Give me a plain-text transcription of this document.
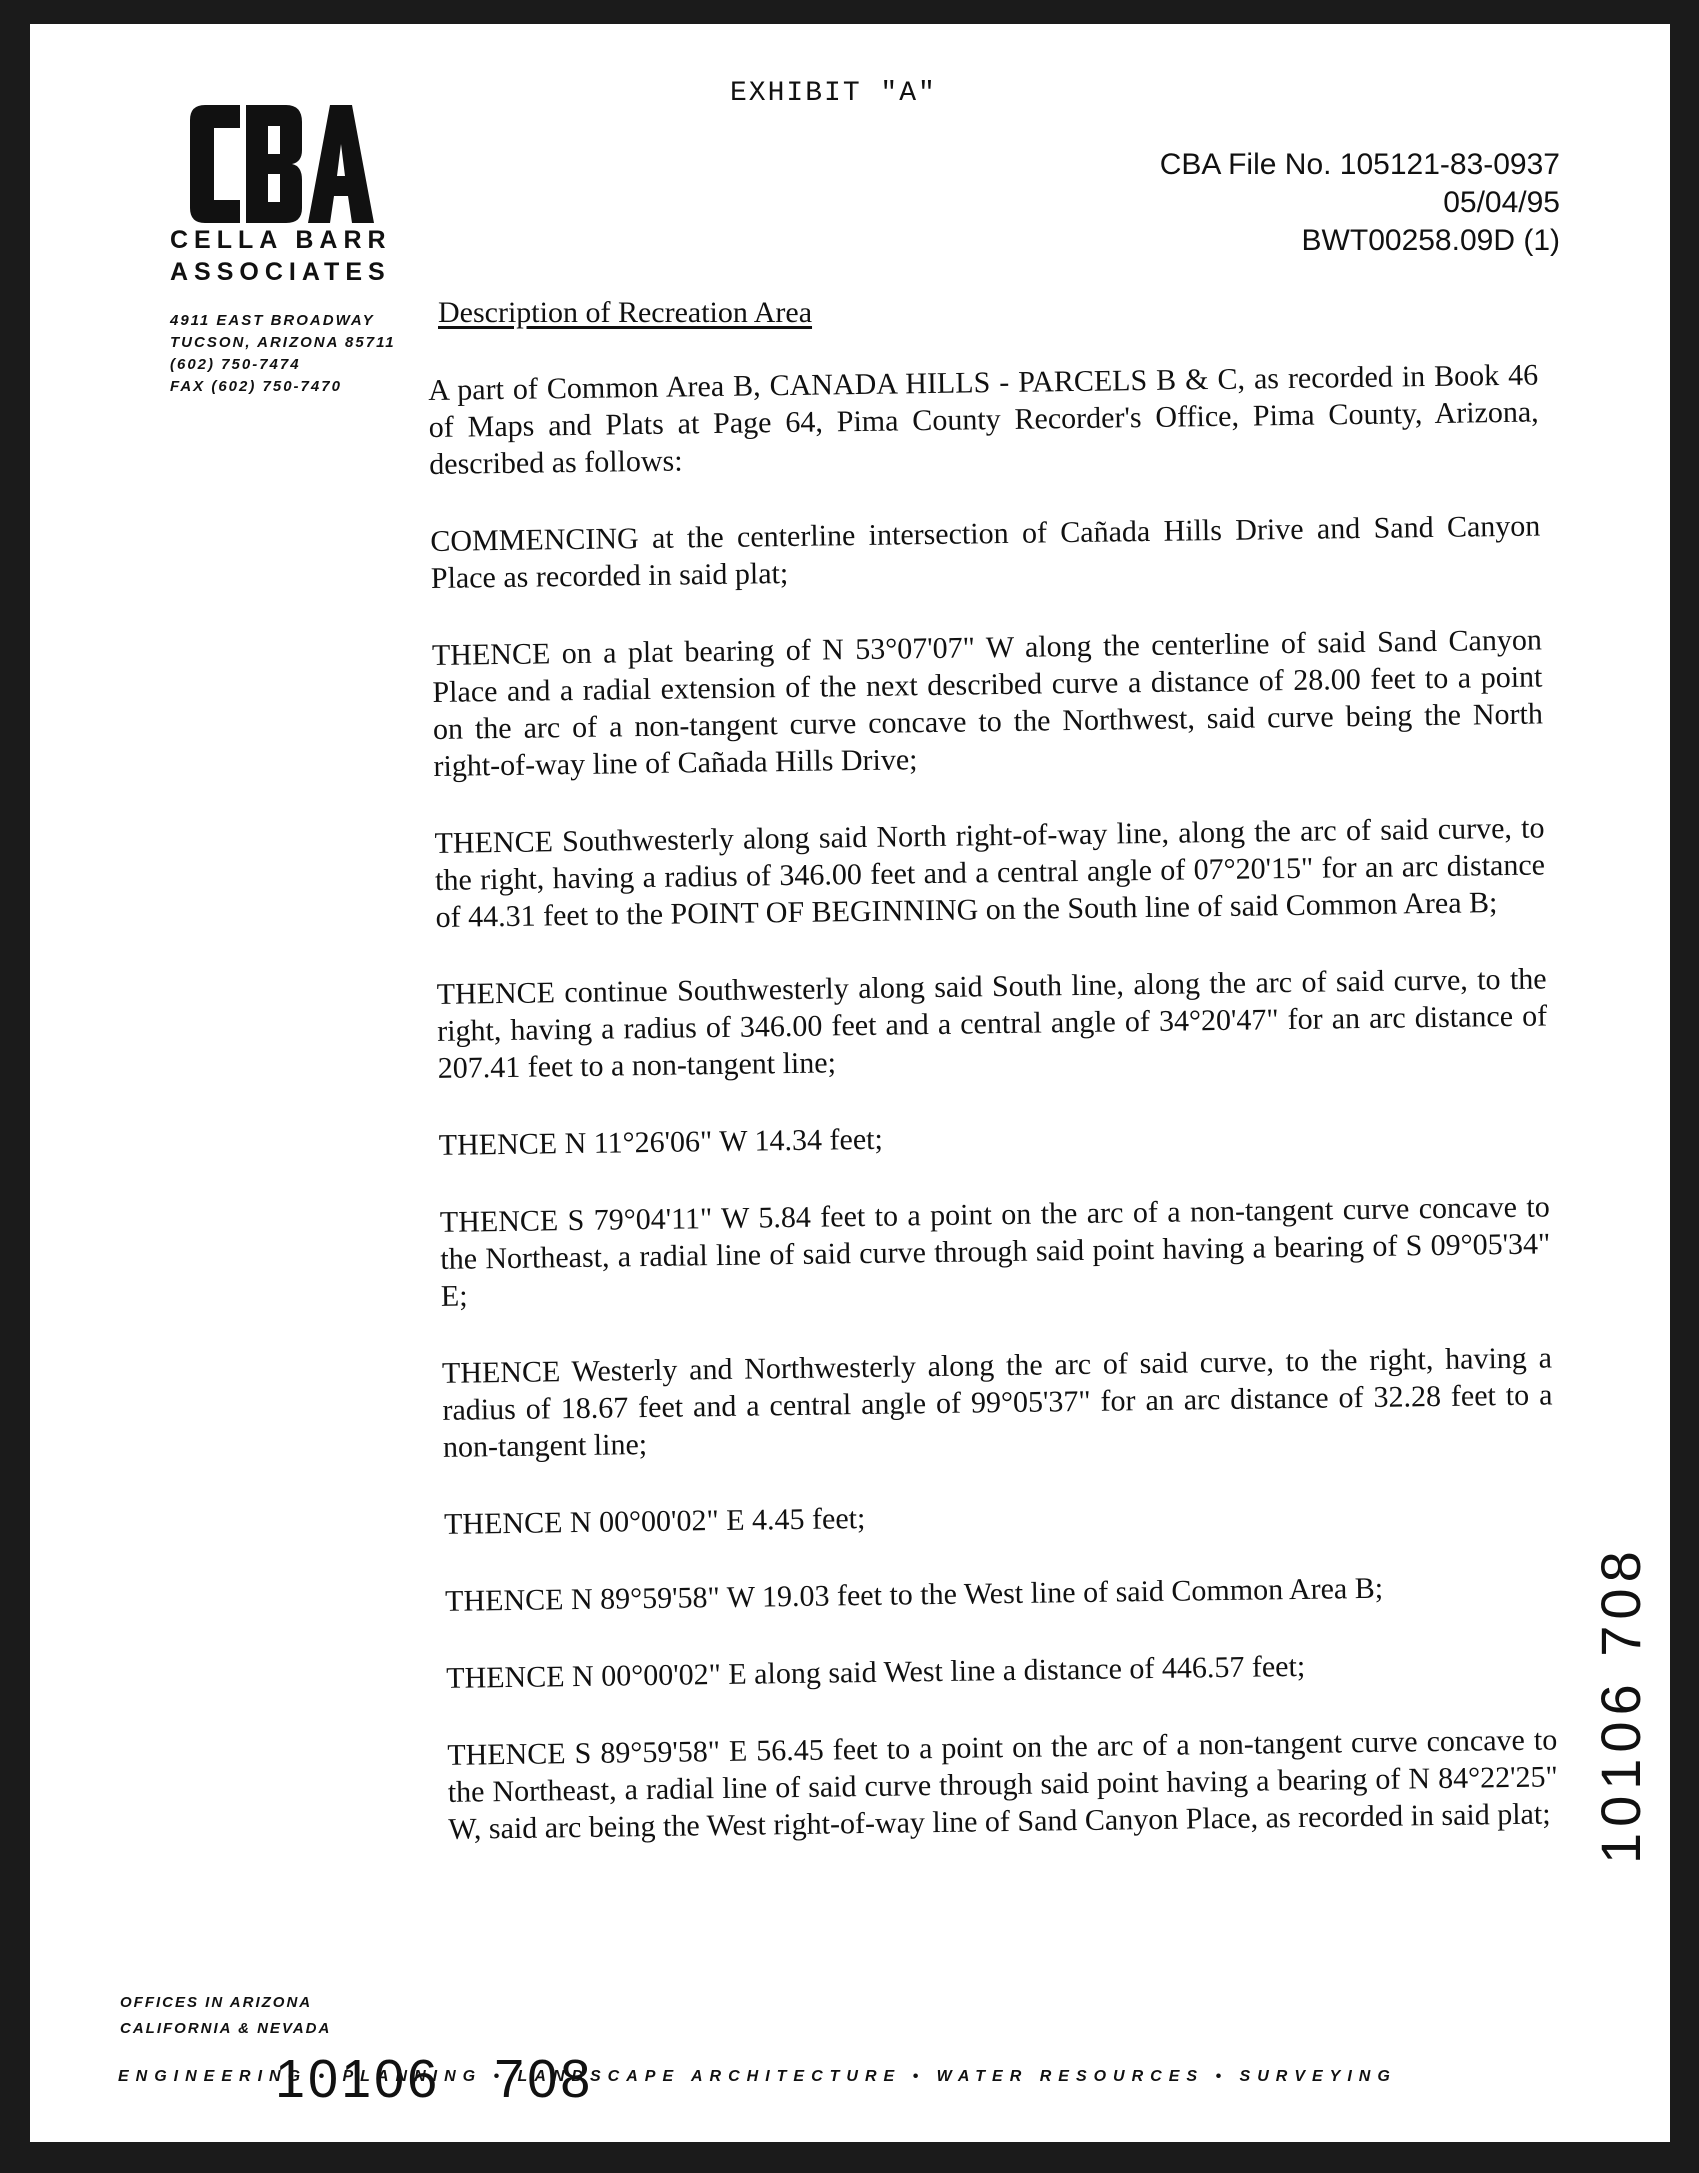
EXHIBIT "A"
CELLA BARR
ASSOCIATES
4911 EAST BROADWAY
TUCSON, ARIZONA 85711
(602) 750-7474
FAX (602) 750-7470
CBA File No. 105121-83-0937
05/04/95
BWT00258.09D (1)
Description of Recreation Area

A part of Common Area B, CANADA HILLS - PARCELS B & C, as recorded in Book 46 of Maps and Plats at Page 64, Pima County Recorder's Office, Pima County, Arizona, described as follows:

COMMENCING at the centerline intersection of Cañada Hills Drive and Sand Canyon Place as recorded in said plat;

THENCE on a plat bearing of N 53°07'07" W along the centerline of said Sand Canyon Place and a radial extension of the next described curve a distance of 28.00 feet to a point on the arc of a non-tangent curve concave to the Northwest, said curve being the North right-of-way line of Cañada Hills Drive;

THENCE Southwesterly along said North right-of-way line, along the arc of said curve, to the right, having a radius of 346.00 feet and a central angle of 07°20'15" for an arc distance of 44.31 feet to the POINT OF BEGINNING on the South line of said Common Area B;

THENCE continue Southwesterly along said South line, along the arc of said curve, to the right, having a radius of 346.00 feet and a central angle of 34°20'47" for an arc distance of 207.41 feet to a non-tangent line;

THENCE N 11°26'06" W 14.34 feet;

THENCE S 79°04'11" W 5.84 feet to a point on the arc of a non-tangent curve concave to the Northeast, a radial line of said curve through said point having a bearing of S 09°05'34" E;

THENCE Westerly and Northwesterly along the arc of said curve, to the right, having a radius of 18.67 feet and a central angle of 99°05'37" for an arc distance of 32.28 feet to a non-tangent line;

THENCE N 00°00'02" E 4.45 feet;

THENCE N 89°59'58" W 19.03 feet to the West line of said Common Area B;

THENCE N 00°00'02" E along said West line a distance of 446.57 feet;

THENCE S 89°59'58" E 56.45 feet to a point on the arc of a non-tangent curve concave to the Northeast, a radial line of said curve through said point having a bearing of N 84°22'25" W, said arc being the West right-of-way line of Sand Canyon Place, as recorded in said plat; 10106 708
OFFICES IN ARIZONA
CALIFORNIA & NEVADA
ENGINEERING • PLANNING • LANDSCAPE ARCHITECTURE • WATER RESOURCES • SURVEYING
10106   708
